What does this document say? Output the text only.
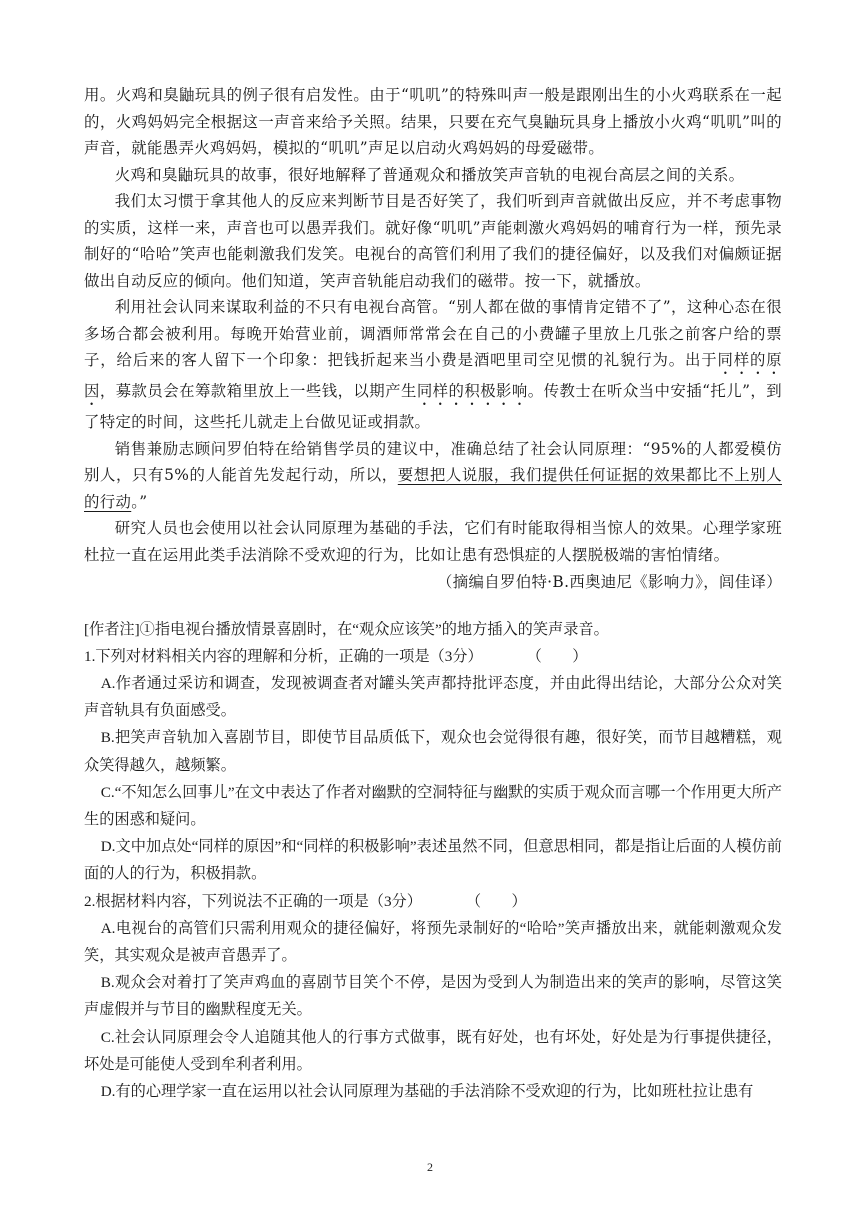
用。火鸡和臭鼬玩具的例子很有启发性。由于“叽叽”的特殊叫声一般是跟刚出生的小火鸡联系在一起的，火鸡妈妈完全根据这一声音来给予关照。结果，只要在充气臭鼬玩具身上播放小火鸡“叽叽”叫的声音，就能愚弄火鸡妈妈，模拟的“叽叽”声足以启动火鸡妈妈的母爱磁带。

火鸡和臭鼬玩具的故事，很好地解释了普通观众和播放笑声音轨的电视台高层之间的关系。

我们太习惯于拿其他人的反应来判断节目是否好笑了，我们听到声音就做出反应，并不考虑事物的实质，这样一来，声音也可以愚弄我们。就好像“叽叽”声能刺激火鸡妈妈的哺育行为一样，预先录制好的“哈哈”笑声也能刺激我们发笑。电视台的高管们利用了我们的捷径偏好，以及我们对偏颇证据做出自动反应的倾向。他们知道，笑声音轨能启动我们的磁带。按一下，就播放。

利用社会认同来谋取利益的不只有电视台高管。“别人都在做的事情肯定错不了”，这种心态在很多场合都会被利用。每晚开始营业前，调酒师常常会在自己的小费罐子里放上几张之前客户给的票子，给后来的客人留下一个印象：把钱折起来当小费是酒吧里司空见惯的礼貌行为。出于同样的原因，募款员会在筹款箱里放上一些钱，以期产生同样的积极影响。传教士在听众当中安插“托儿”，到了特定的时间，这些托儿就走上台做见证或捐款。

销售兼励志顾问罗伯特在给销售学员的建议中，准确总结了社会认同原理：“95%的人都爱模仿别人，只有5%的人能首先发起行动，所以，要想把人说服，我们提供任何证据的效果都比不上别人的行动。”

研究人员也会使用以社会认同原理为基础的手法，它们有时能取得相当惊人的效果。心理学家班杜拉一直在运用此类手法消除不受欢迎的行为，比如让患有恐惧症的人摆脱极端的害怕情绪。

（摘编自罗伯特·B.西奥迪尼《影响力》，闾佳译）

[作者注]①指电视台播放情景喜剧时，在“观众应该笑”的地方插入的笑声录音。

1.下列对材料相关内容的理解和分析，正确的一项是（3分）	（　　）

A.作者通过采访和调查，发现被调查者对罐头笑声都持批评态度，并由此得出结论，大部分公众对笑声音轨具有负面感受。

B.把笑声音轨加入喜剧节目，即使节目品质低下，观众也会觉得很有趣，很好笑，而节目越糟糕，观众笑得越久，越频繁。

C.“不知怎么回事儿”在文中表达了作者对幽默的空洞特征与幽默的实质于观众而言哪一个作用更大所产生的困惑和疑问。

D.文中加点处“同样的原因”和“同样的积极影响”表述虽然不同，但意思相同，都是指让后面的人模仿前面的人的行为，积极捐款。

2.根据材料内容，下列说法不正确的一项是（3分）	（　　）

A.电视台的高管们只需利用观众的捷径偏好，将预先录制好的“哈哈”笑声播放出来，就能刺激观众发笑，其实观众是被声音愚弄了。

B.观众会对着打了笑声鸡血的喜剧节目笑个不停，是因为受到人为制造出来的笑声的影响，尽管这笑声虚假并与节目的幽默程度无关。

C.社会认同原理会令人追随其他人的行事方式做事，既有好处，也有坏处，好处是为行事提供捷径，坏处是可能使人受到牟利者利用。

D.有的心理学家一直在运用以社会认同原理为基础的手法消除不受欢迎的行为，比如班杜拉让患有

2
